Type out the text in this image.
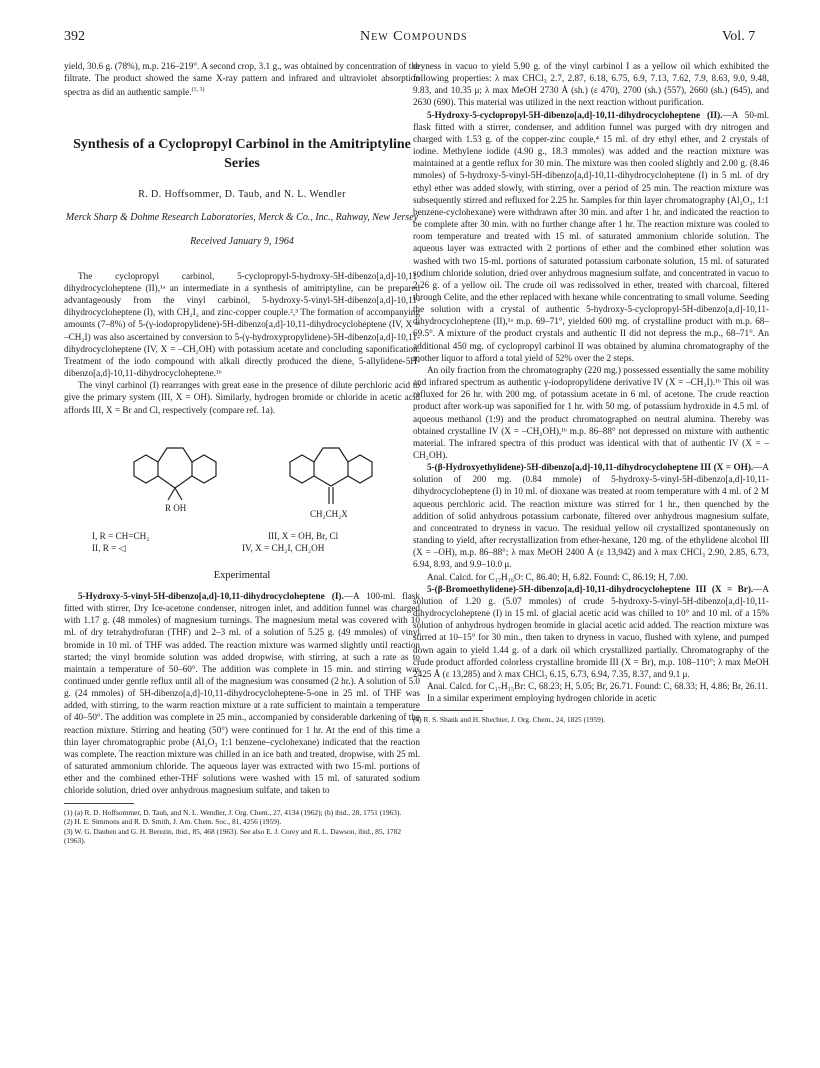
392	New Compounds	Vol. 7

yield, 30.6 g. (78%), m.p. 216–219°. A second crop, 3.1 g., was obtained by concentration of the filtrate. The product showed the same X-ray pattern and infrared and ultraviolet absorption spectra as did an authentic sample.$^{(1, 3)}$

Synthesis of a Cyclopropyl Carbinol in the Amitriptyline Series
R. D. Hoffsommer, D. Taub, and N. L. Wendler
Merck Sharp & Dohme Research Laboratories, Merck & Co., Inc., Rahway, New Jersey
Received January 9, 1964

The cyclopropyl carbinol, 5-cyclopropyl-5-hydroxy-5H-dibenzo[a,d]-10,11-dihydrocycloheptene (II),¹ᵃ an intermediate in a synthesis of amitriptyline, can be prepared advantageously from the vinyl carbinol, 5-hydroxy-5-vinyl-5H-dibenzo[a,d]-10,11-dihydrocycloheptene (I), with CH₂I₂ and zinc-copper couple.²,³ The formation of accompanying amounts (7–8%) of 5-(γ-iodopropylidene)-5H-dibenzo[a,d]-10,11-dihydrocycloheptene (IV, X = –CH₂I) was also ascertained by conversion to 5-(γ-hydroxypropylidene)-5H-dibenzo[a,d]-10,11-dihydrocycloheptene (IV, X = –CH₂OH) with potassium acetate and concluding saponification. Treatment of the iodo compound with alkali directly produced the diene, 5-allylidene-5H-dibenzo[a,d]-10,11-dihydrocycloheptene.¹ᵇ

The vinyl carbinol (I) rearranges with great ease in the presence of dilute perchloric acid to give the primary system (III, X = OH). Similarly, hydrogen bromide or chloride in acetic acid affords III, X = Br and Cl, respectively (compare ref. 1a).

R OH
CH₂CH₂X
I, R = CH=CH₂
II, R = ◁
III, X = OH, Br, Cl
IV, X = CH₂I, CH₂OH
Experimental

5-Hydroxy-5-vinyl-5H-dibenzo[a,d]-10,11-dihydrocycloheptene (I).—A 100-ml. flask fitted with stirrer, Dry Ice-acetone condenser, nitrogen inlet, and addition funnel was charged with 1.17 g. (48 mmoles) of magnesium turnings. The magnesium metal was covered with 10 ml. of dry tetrahydrofuran (THF) and 2–3 ml. of a solution of 5.25 g. (49 mmoles) of vinyl bromide in 10 ml. of THF was added. The reaction mixture was warmed slightly until reaction started; the vinyl bromide solution was added dropwise, with stirring, at such a rate as to maintain a temperature of 50–60°. The addition was complete in 15 min. and stirring was continued under gentle reflux until all of the magnesium was consumed (2 hr.). A solution of 5.0 g. (24 mmoles) of 5H-dibenzo[a,d]-10,11-dihydrocycloheptene-5-one in 25 ml. of THF was added, with stirring, to the warm reaction mixture at a rate sufficient to maintain a temperature of 40–50°. The addition was complete in 25 min., accompanied by considerable darkening of the reaction mixture. Stirring and heating (50°) were continued for 1 hr. At the end of this time a thin layer chromatographic probe (Al₂O₃ 1:1 benzene–cyclohexane) indicated that the reaction was complete. The reaction mixture was chilled in an ice bath and treated, dropwise, with 25 ml. of saturated ammonium chloride. The aqueous layer was extracted with two 15-ml. portions of ether and the combined ether-THF solutions were washed with 15 ml. of saturated sodium chloride solution, dried over anhydrous magnesium sulfate, and taken to

(1) (a) R. D. Hoffsommer, D. Taub, and N. L. Wendler, J. Org. Chem., 27, 4134 (1962); (b) ibid., 28, 1751 (1963).

(2) H. E. Simmons and R. D. Smith, J. Am. Chem. Soc., 81, 4256 (1959).

(3) W. G. Dauben and G. H. Berezin, ibid., 85, 468 (1963). See also E. J. Corey and R. L. Dawson, ibid., 85, 1782 (1963).

dryness in vacuo to yield 5.90 g. of the vinyl carbinol I as a yellow oil which exhibited the following properties: λ max CHCl₃ 2.7, 2.87, 6.18, 6.75, 6.9, 7.13, 7.62, 7.9, 8.63, 9.0, 9.48, 9.83, and 10.35 μ; λ max MeOH 2730 Å (sh.) (ε 470), 2700 (sh.) (557), 2660 (sh.) (645), and 2630 (690). This material was utilized in the next reaction without purification.

5-Hydroxy-5-cyclopropyl-5H-dibenzo[a,d]-10,11-dihydrocycloheptene (II).—A 50-ml. flask fitted with a stirrer, condenser, and addition funnel was purged with dry nitrogen and charged with 1.53 g. of the copper-zinc couple,⁴ 15 ml. of dry ethyl ether, and 2 crystals of iodine. Methylene iodide (4.90 g., 18.3 mmoles) was added and the reaction mixture was maintained at a gentle reflux for 30 min. The mixture was then cooled slightly and 2.00 g. (8.46 mmoles) of 5-hydroxy-5-vinyl-5H-dibenzo[a,d]-10,11-dihydrocycloheptene (I) in 5 ml. of dry ethyl ether was added slowly, with stirring, over a period of 25 min. The reaction mixture was subsequently stirred and refluxed for 2.25 hr. Samples for thin layer chromatography (Al₂O₃, 1:1 benzene-cyclohexane) were withdrawn after 30 min. and after 1 hr. and indicated the reaction to be complete after 30 min. with no further change after 1 hr. The reaction mixture was cooled to room temperature and treated with 15 ml. of saturated ammonium chloride solution. The aqueous layer was extracted with 2 portions of ether and the combined ether solution was washed with two 15-ml. portions of saturated potassium carbonate solution, 15 ml. of saturated sodium chloride solution, dried over anhydrous magnesium sulfate, and concentrated in vacuo to 2.26 g. of a yellow oil. The crude oil was redissolved in ether, treated with charcoal, filtered through Celite, and the ether replaced with hexane while concentrating to small volume. Seeding the solution with a crystal of authentic 5-hydroxy-5-cyclopropyl-5H-dibenzo[a,d]-10,11-dihydrocycloheptene (II),¹ᵃ m.p. 69–71°, yielded 600 mg. of crystalline product with m.p. 68–69.5°. A mixture of the product crystals and authentic II did not depress the m.p., 68–71°. An additional 450 mg. of cyclopropyl carbinol II was obtained by alumina chromatography of the mother liquor to afford a total yield of 52% over the 2 steps.

An oily fraction from the chromatography (220 mg.) possessed essentially the same mobility and infrared spectrum as authentic γ-iodopropylidene derivative IV (X = –CH₂I).¹ᵇ This oil was refluxed for 26 hr. with 200 mg. of potassium acetate in 6 ml. of acetone. The crude reaction product after work-up was saponified for 1 hr. with 50 mg. of potassium hydroxide in 4.5 ml. of aqueous methanol (1:9) and the product chromatographed on neutral alumina. Thereby was obtained crystalline IV (X = –CH₂OH),¹ᵇ m.p. 86–88° not depressed on mixture with authentic material. The infrared spectra of this product was identical with that of authentic IV (X = –CH₂OH).

5-(β-Hydroxyethylidene)-5H-dibenzo[a,d]-10,11-dihydrocycloheptene III (X = OH).—A solution of 200 mg. (0.84 mmole) of 5-hydroxy-5-vinyl-5H-dibenzo[a,d]-10,11-dihydrocycloheptene (I) in 10 ml. of dioxane was treated at room temperature with 4 ml. of 2 M aqueous perchloric acid. The reaction mixture was stirred for 1 hr., then quenched by the addition of solid anhydrous potassium carbonate, filtered over anhydrous magnesium sulfate, and concentrated to dryness in vacuo. The residual yellow oil crystallized spontaneously on standing to yield, after recrystallization from ether-hexane, 120 mg. of the ethylidene alcohol III (X = –OH), m.p. 86–88°; λ max MeOH 2400 Å (ε 13,942) and λ max CHCl₃ 2.90, 2.85, 6.73, 6.94, 8.93, and 9.9–10.0 μ.

Anal. Calcd. for C₁₇H₁₆O: C, 86.40; H, 6.82. Found: C, 86.19; H, 7.00.

5-(β-Bromoethylidene)-5H-dibenzo[a,d]-10,11-dihydrocycloheptene III (X = Br).—A solution of 1.20 g. (5.07 mmoles) of crude 5-hydroxy-5-vinyl-5H-dibenzo[a,d]-10,11-dihydrocycloheptene (I) in 15 ml. of glacial acetic acid was chilled to 10° and 10 ml. of a 15% solution of anhydrous hydrogen bromide in glacial acetic acid added. The reaction mixture was stirred at 10–15° for 30 min., then taken to dryness in vacuo, flushed with xylene, and pumped down again to yield 1.44 g. of a dark oil which crystallized partially. Chromatography of the crude product afforded colorless crystalline bromide III (X = Br), m.p. 108–110°; λ max MeOH 2425 Å (ε 13,285) and λ max CHCl₃ 6.15, 6.73, 6.94, 7.35, 8.37, and 9.1 μ.

Anal. Calcd. for C₁₇H₁₅Br: C, 68.23; H, 5.05; Br, 26.71. Found: C, 68.33; H, 4.86; Br, 26.11.

In a similar experiment employing hydrogen chloride in acetic

(4) R. S. Shank and H. Shechter, J. Org. Chem., 24, 1825 (1959).
